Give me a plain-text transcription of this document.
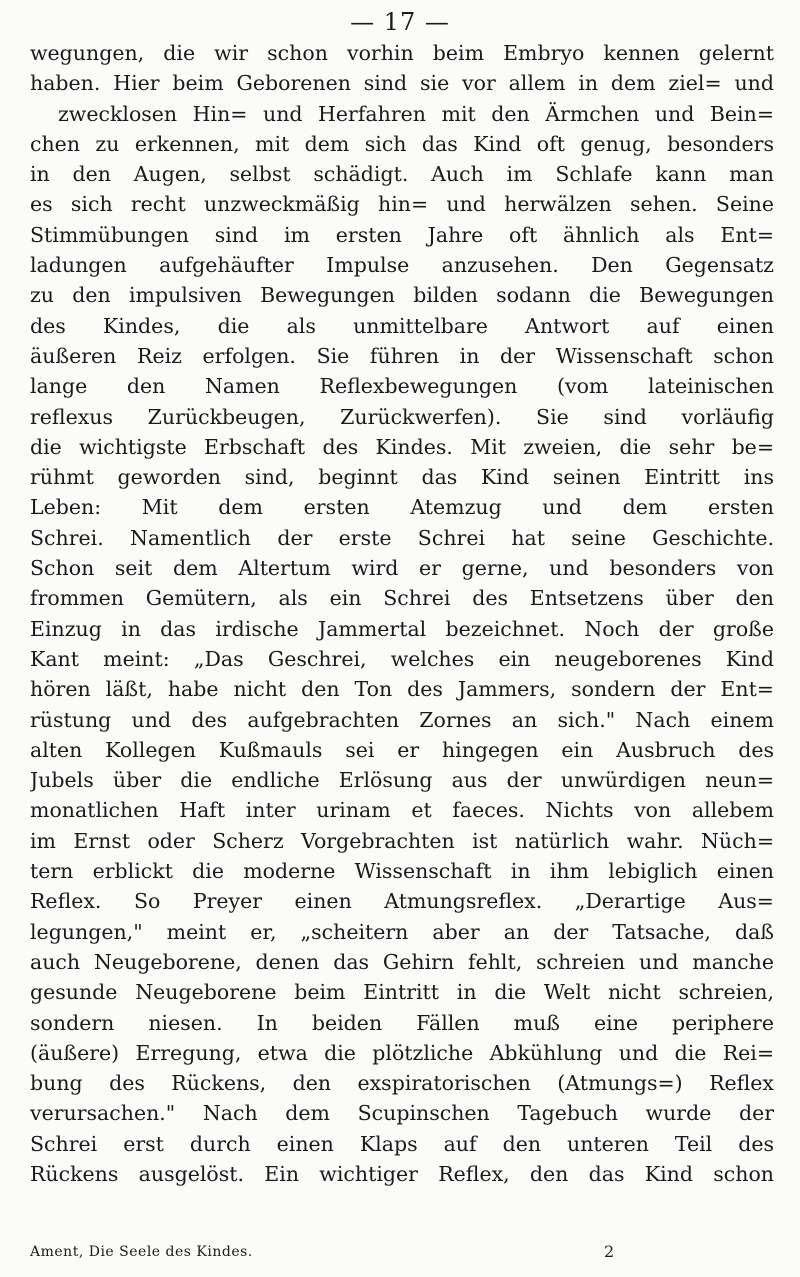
— 17 —
wegungen, die wir schon vorhin beim Embryo kennen gelernt
haben. Hier beim Geborenen sind sie vor allem in dem ziel= und
zwecklosen Hin= und Herfahren mit den Ärmchen und Bein=
chen zu erkennen, mit dem sich das Kind oft genug, besonders
in den Augen, selbst schädigt. Auch im Schlafe kann man
es sich recht unzweckmäßig hin= und herwälzen sehen. Seine
Stimmübungen sind im ersten Jahre oft ähnlich als Ent=
ladungen aufgehäufter Impulse anzusehen. Den Gegensatz
zu den impulsiven Bewegungen bilden sodann die Bewegungen
des Kindes, die als unmittelbare Antwort auf einen
äußeren Reiz erfolgen. Sie führen in der Wissenschaft schon
lange den Namen Reflexbewegungen (vom lateinischen
reflexus Zurückbeugen, Zurückwerfen). Sie sind vorläufig
die wichtigste Erbschaft des Kindes. Mit zweien, die sehr be=
rühmt geworden sind, beginnt das Kind seinen Eintritt ins
Leben: Mit dem ersten Atemzug und dem ersten
Schrei. Namentlich der erste Schrei hat seine Geschichte.
Schon seit dem Altertum wird er gerne, und besonders von
frommen Gemütern, als ein Schrei des Entsetzens über den
Einzug in das irdische Jammertal bezeichnet. Noch der große
Kant meint: „Das Geschrei, welches ein neugeborenes Kind
hören läßt, habe nicht den Ton des Jammers, sondern der Ent=
rüstung und des aufgebrachten Zornes an sich." Nach einem
alten Kollegen Kußmauls sei er hingegen ein Ausbruch des
Jubels über die endliche Erlösung aus der unwürdigen neun=
monatlichen Haft inter urinam et faeces. Nichts von allebem
im Ernst oder Scherz Vorgebrachten ist natürlich wahr. Nüch=
tern erblickt die moderne Wissenschaft in ihm lebiglich einen
Reflex. So Preyer einen Atmungsreflex. „Derartige Aus=
legungen," meint er, „scheitern aber an der Tatsache, daß
auch Neugeborene, denen das Gehirn fehlt, schreien und manche
gesunde Neugeborene beim Eintritt in die Welt nicht schreien,
sondern niesen. In beiden Fällen muß eine periphere
(äußere) Erregung, etwa die plötzliche Abkühlung und die Rei=
bung des Rückens, den exspiratorischen (Atmungs=) Reflex
verursachen." Nach dem Scupinschen Tagebuch wurde der
Schrei erst durch einen Klaps auf den unteren Teil des
Rückens ausgelöst. Ein wichtiger Reflex, den das Kind schon
Ament, Die Seele des Kindes.	2
